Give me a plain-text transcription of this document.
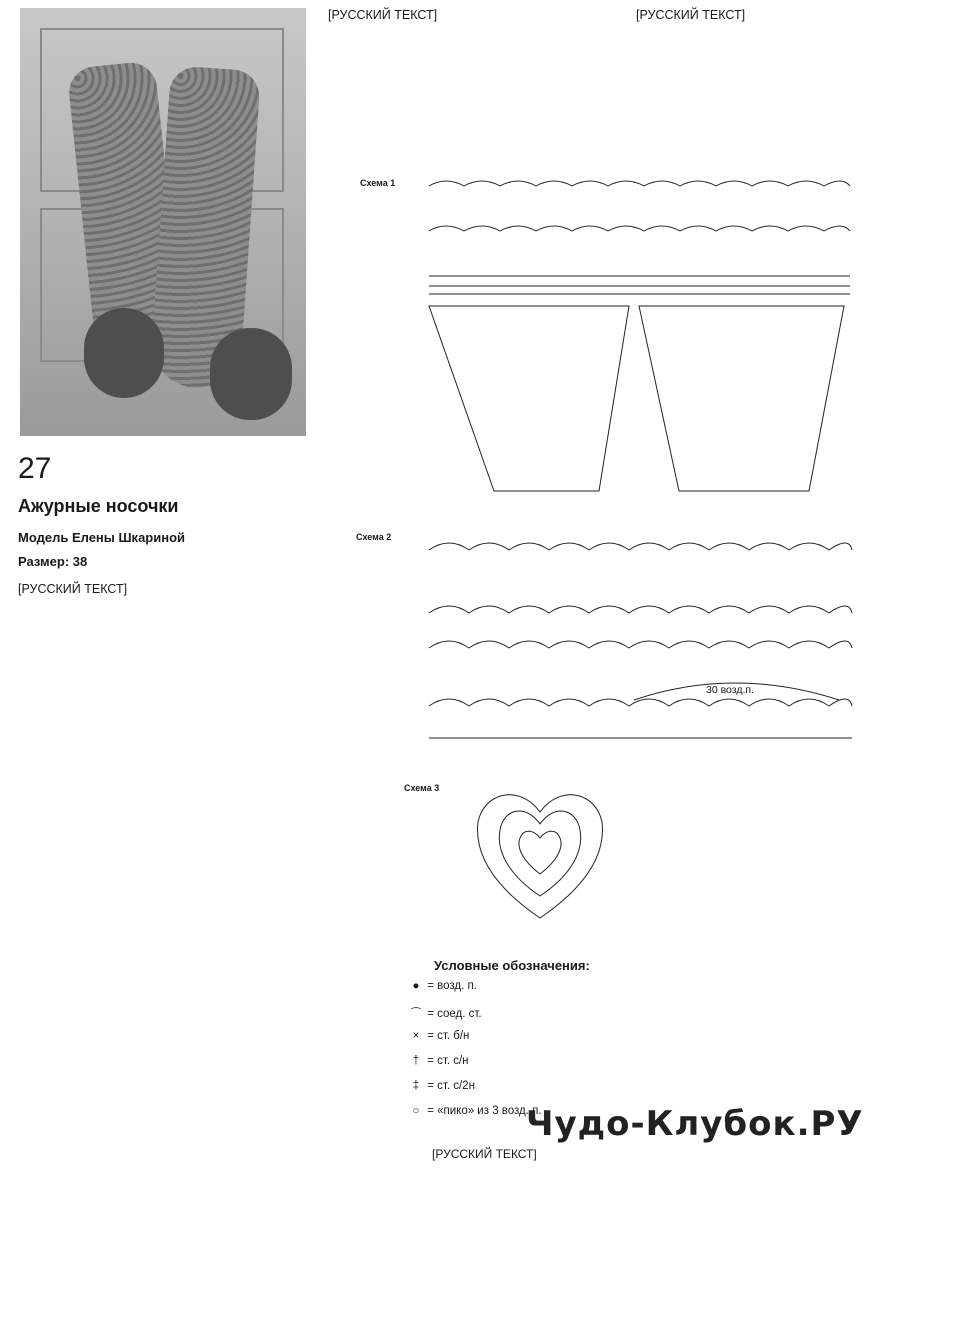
27
Ажурные носочки
Модель Елены Шкариной
Размер: 38

[РУССКИЙ ТЕКСТ]

[РУССКИЙ ТЕКСТ]	[РУССКИЙ ТЕКСТ]

Схема 1
Схема 2
30 возд.п.
Схема 3
Условные обозначения:
● = возд. п.
⌒ = соед. ст.
× = ст. б/н
† = ст. с/н
‡ = ст. с/2н
○ = «пико» из 3 возд. п.
[РУССКИЙ ТЕКСТ]
Чудо-Клубок.РУ
